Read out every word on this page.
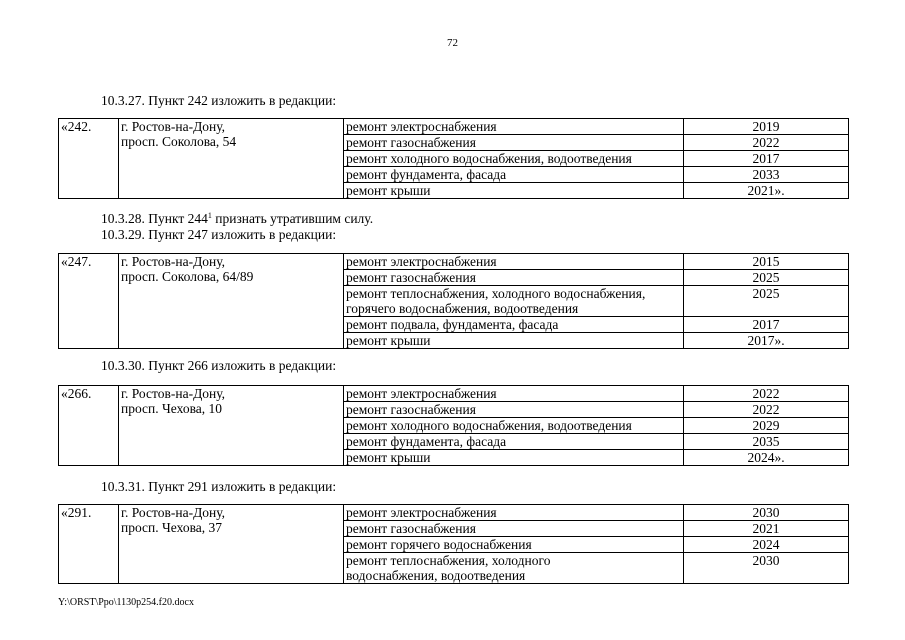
72
10.3.27. Пункт 242 изложить в редакции:
«242.	г. Ростов-на-Дону,
просп. Соколова, 54	ремонт электроснабжения	2019

		ремонт газоснабжения	2022

		ремонт холодного водоснабжения, водоотведения	2017

		ремонт фундамента, фасада	2033

		ремонт крыши	2021».
10.3.28. Пункт $244^1$ признать утратившим силу.
10.3.29. Пункт 247 изложить в редакции:
«247.	г. Ростов-на-Дону,
просп. Соколова, 64/89	ремонт электроснабжения	2015

		ремонт газоснабжения	2025

		ремонт теплоснабжения, холодного водоснабжения,
горячего водоснабжения, водоотведения	2025

		ремонт подвала, фундамента, фасада	2017

		ремонт крыши	2017».
10.3.30. Пункт 266 изложить в редакции:
«266.	г. Ростов-на-Дону,
просп. Чехова, 10	ремонт электроснабжения	2022

		ремонт газоснабжения	2022

		ремонт холодного водоснабжения, водоотведения	2029

		ремонт фундамента, фасада	2035

		ремонт крыши	2024».
10.3.31. Пункт 291 изложить в редакции:
«291.	г. Ростов-на-Дону,
просп. Чехова, 37	ремонт электроснабжения	2030

		ремонт газоснабжения	2021

		ремонт горячего водоснабжения	2024

		ремонт теплоснабжения, холодного
водоснабжения, водоотведения	2030
Y:\ORST\Ppo\1130p254.f20.docx
